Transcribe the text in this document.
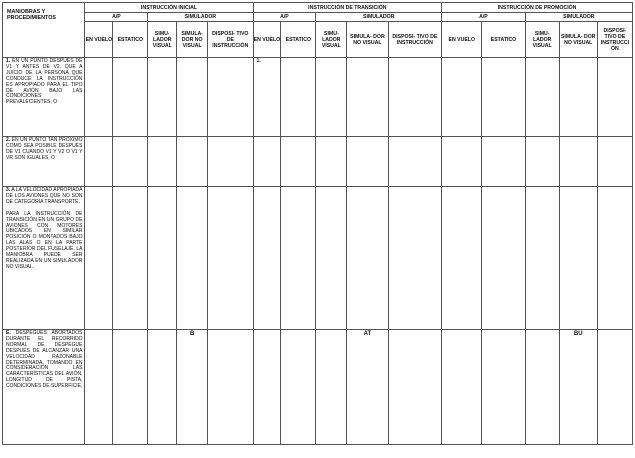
MANIOBRAS Y PROCEDIMIENTOS	INSTRUCCIÓN INICIAL					INSTRUCCIÓN DE TRANSICIÓN					INSTRUCCIÓN DE PROMOCIÓN				
	A/P		SIMULADOR			A/P		SIMULADOR			A/P		SIMULADOR		
	EN VUELO	ESTATICO	SIMU- LADOR VISUAL	SIMULA- DOR NO VISUAL	DISPOSI- TIVO DE INSTRUCCIÓN	EN VUELO	ESTATICO	SIMU- LADOR VISUAL	SIMULA- DOR NO VISUAL	DISPOSI- TIVO DE INSTRUCCIÓN	EN VUELO	ESTATICO	SIMU- LADOR VISUAL	SIMULA- DOR NO VISUAL	DISPOSI- TIVO DE INSTRUCCI ÓN
1. EN UN PUNTO DESPUÉS DE V1 Y ANTES DE V2, QUE A JUICIO DE LA PERSONA QUE CONDUCE LA INSTRUCCIÓN ES APROPIADO PARA EL TIPO DE AVIÓN BAJO LAS CONDICIONES PREVALECIENTES, O						1.									
2. EN UN PUNTO TAN PRÓXIMO COMO SEA POSIBLE DESPUÉS DE V1 CUANDO V1 Y V2 O V1 Y VR SON IGUALES, O															
3. A LA VELOCIDAD APROPIADA DE LOS AVIONES QUE NO SON DE CATEGORÍA TRANSPORTE.
PARA LA INSTRUCCIÓN DE TRANSICIÓN EN UN GRUPO DE AVIONES CON MOTORES UBICADOS EN SIMILAR POSICIÓN O MONTADOS BAJO LAS ALAS O EN LA PARTE POSTERIOR DEL FUSELAJE, LA MANIOBRA PUEDE SER REALIZADA EN UN SIMULADOR NO VISUAL.															

E. DESPEGUES ABORTADOS DURANTE EL RECORRIDO NORMAL DE DESPEGUE DESPUÉS DE ALCANZAR UNA VELOCIDAD RAZONABLE DETERMINADA, TOMANDO EN CONSIDERACIÓN LAS CARACTERÍSTICAS DEL AVIÓN, LONGITUD DE PISTA, CONDICIONES DE SUPERFICIE,				B					AT					BU	
